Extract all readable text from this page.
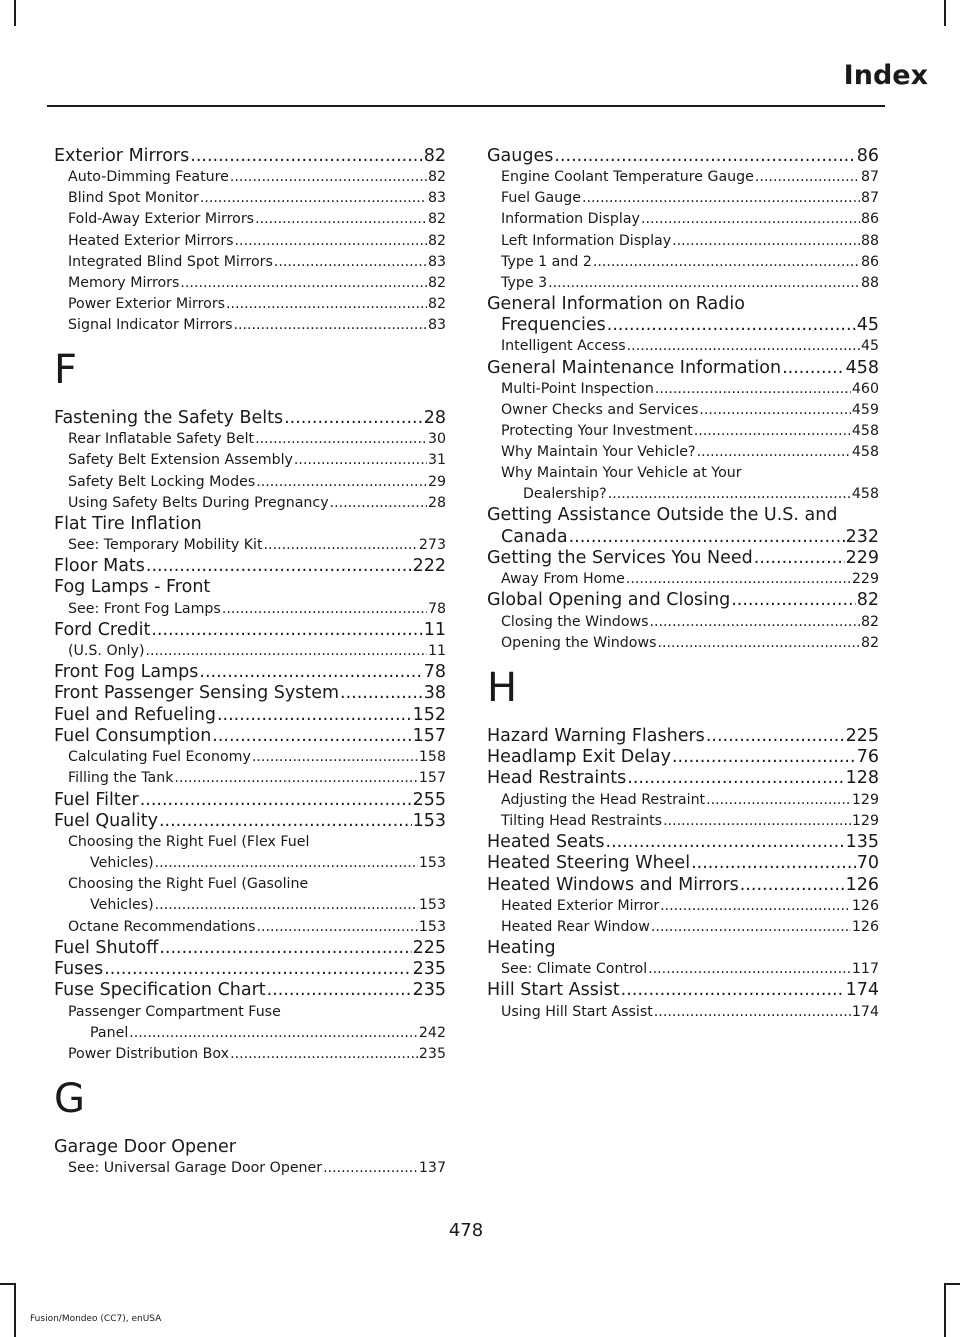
Index
Exterior Mirrors .....	82
Auto-Dimming Feature .....	82
Blind Spot Monitor .....	83
Fold-Away Exterior Mirrors .....	82
Heated Exterior Mirrors .....	82
Integrated Blind Spot Mirrors .....	83
Memory Mirrors .....	82
Power Exterior Mirrors .....	82
Signal Indicator Mirrors .....	83
F
Fastening the Safety Belts .....	28
Rear Inflatable Safety Belt .....	30
Safety Belt Extension Assembly .....	31
Safety Belt Locking Modes .....	29
Using Safety Belts During Pregnancy .....	28
Flat Tire Inflation
See: Temporary Mobility Kit .....	273
Floor Mats .....	222
Fog Lamps - Front
See: Front Fog Lamps .....	78
Ford Credit .....	11
(U.S. Only) .....	11
Front Fog Lamps .....	78
Front Passenger Sensing System .....	38
Fuel and Refueling .....	152
Fuel Consumption .....	157
Calculating Fuel Economy .....	158
Filling the Tank .....	157
Fuel Filter .....	255
Fuel Quality .....	153
Choosing the Right Fuel (Flex Fuel
Vehicles) .....	153
Choosing the Right Fuel (Gasoline
Vehicles) .....	153
Octane Recommendations .....	153
Fuel Shutoff .....	225
Fuses .....	235
Fuse Specification Chart .....	235
Passenger Compartment Fuse
Panel .....	242
Power Distribution Box .....	235
G
Garage Door Opener
See: Universal Garage Door Opener .....	137
Gauges .....	86
Engine Coolant Temperature Gauge .....	87
Fuel Gauge .....	87
Information Display .....	86
Left Information Display .....	88
Type 1 and 2 .....	86
Type 3 .....	88
General Information on Radio
Frequencies .....	45
Intelligent Access .....	45
General Maintenance Information .....	458
Multi-Point Inspection .....	460
Owner Checks and Services .....	459
Protecting Your Investment .....	458
Why Maintain Your Vehicle? .....	458
Why Maintain Your Vehicle at Your
Dealership? .....	458
Getting Assistance Outside the U.S. and
Canada .....	232
Getting the Services You Need .....	229
Away From Home .....	229
Global Opening and Closing .....	82
Closing the Windows .....	82
Opening the Windows .....	82
H
Hazard Warning Flashers .....	225
Headlamp Exit Delay .....	76
Head Restraints .....	128
Adjusting the Head Restraint .....	129
Tilting Head Restraints .....	129
Heated Seats .....	135
Heated Steering Wheel .....	70
Heated Windows and Mirrors .....	126
Heated Exterior Mirror .....	126
Heated Rear Window .....	126
Heating
See: Climate Control .....	117
Hill Start Assist .....	174
Using Hill Start Assist .....	174
478
Fusion/Mondeo (CC7), enUSA
